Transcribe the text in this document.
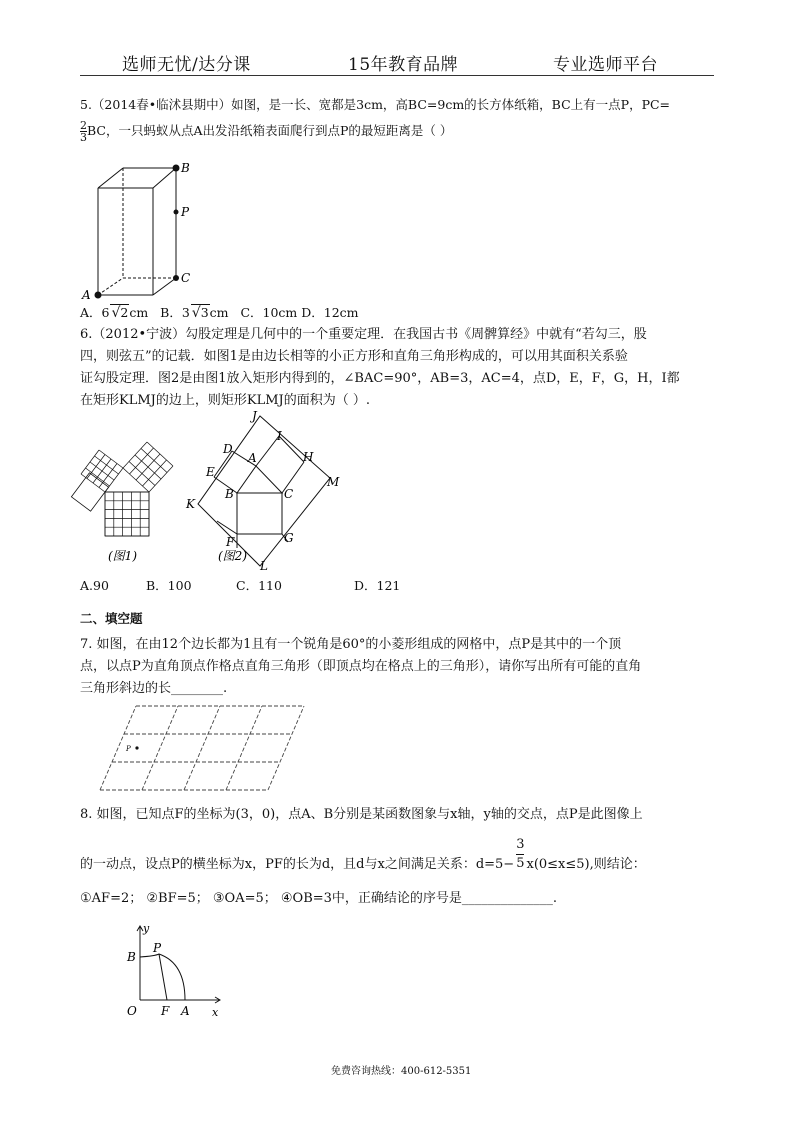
选师无忧/达分课	15年教育品牌	专业选师平台
5.（2014春•临沭县期中）如图，是一长、宽都是3cm，高BC=9cm的长方体纸箱，BC上有一点P，PC=
$\frac{2}{3}$ BC，一只蚂蚁从点A出发沿纸箱表面爬行到点P的最短距离是（ ）
B
P
C
A
A．6 √2cm B．3 √3cm C．10cm D．12cm
6.（2012•宁波）勾股定理是几何中的一个重要定理．在我国古书《周髀算经》中就有“若勾三，股
四，则弦五”的记载．如图1是由边长相等的小正方形和直角三角形构成的，可以用其面积关系验
证勾股定理．图2是由图1放入矩形内得到的，∠BAC=90°，AB=3，AC=4，点D，E，F，G，H，I都
在矩形KLMJ的边上，则矩形KLMJ的面积为（ ）.
(图1)
J
I
D
A	H
E
M
B	C
K
F	G
L
(图2)
A.90	B．100	C．110	D．121
二、填空题
7. 如图，在由12个边长都为1且有一个锐角是60°的小菱形组成的网格中，点P是其中的一个顶
点，以点P为直角顶点作格点直角三角形（即顶点均在格点上的三角形），请你写出所有可能的直角
三角形斜边的长________.
P
8. 如图，已知点F的坐标为(3，0)，点A、B分别是某函数图象与x轴，y轴的交点，点P是此图像上
的一动点，设点P的横坐标为x，PF的长为d，且d与x之间满足关系：$d=5- \frac{3}{5} x(0\le x\le 5)$,则结论：
①AF=2； ②BF=5； ③OA=5； ④OB=3中，正确结论的序号是______________.
y
B
P
O F A x
免费咨询热线：400-612-5351
